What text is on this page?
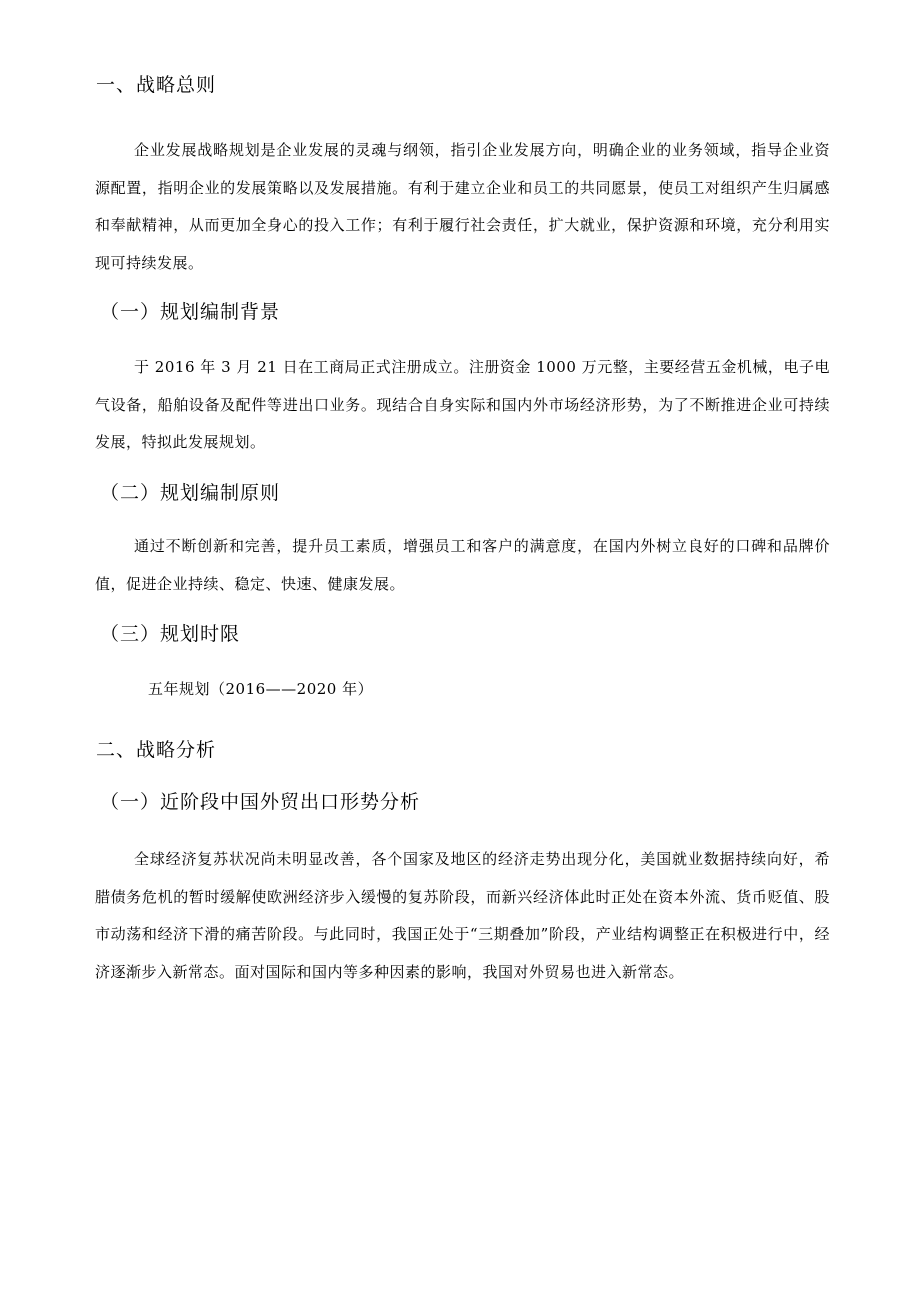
一、战略总则
企业发展战略规划是企业发展的灵魂与纲领，指引企业发展方向，明确企业的业务领域，指导企业资源配置，指明企业的发展策略以及发展措施。有利于建立企业和员工的共同愿景，使员工对组织产生归属感和奉献精神，从而更加全身心的投入工作；有利于履行社会责任，扩大就业，保护资源和环境，充分利用实现可持续发展。
（一）规划编制背景
于 2016 年 3 月 21 日在工商局正式注册成立。注册资金 1000 万元整，主要经营五金机械，电子电气设备，船舶设备及配件等进出口业务。现结合自身实际和国内外市场经济形势，为了不断推进企业可持续发展，特拟此发展规划。
（二）规划编制原则
通过不断创新和完善，提升员工素质，增强员工和客户的满意度，在国内外树立良好的口碑和品牌价值，促进企业持续、稳定、快速、健康发展。
（三）规划时限
五年规划（2016——2020 年）
二、战略分析
（一）近阶段中国外贸出口形势分析
全球经济复苏状况尚未明显改善，各个国家及地区的经济走势出现分化，美国就业数据持续向好，希腊债务危机的暂时缓解使欧洲经济步入缓慢的复苏阶段，而新兴经济体此时正处在资本外流、货币贬值、股市动荡和经济下滑的痛苦阶段。与此同时，我国正处于“三期叠加”阶段，产业结构调整正在积极进行中，经济逐渐步入新常态。面对国际和国内等多种因素的影响，我国对外贸易也进入新常态。
